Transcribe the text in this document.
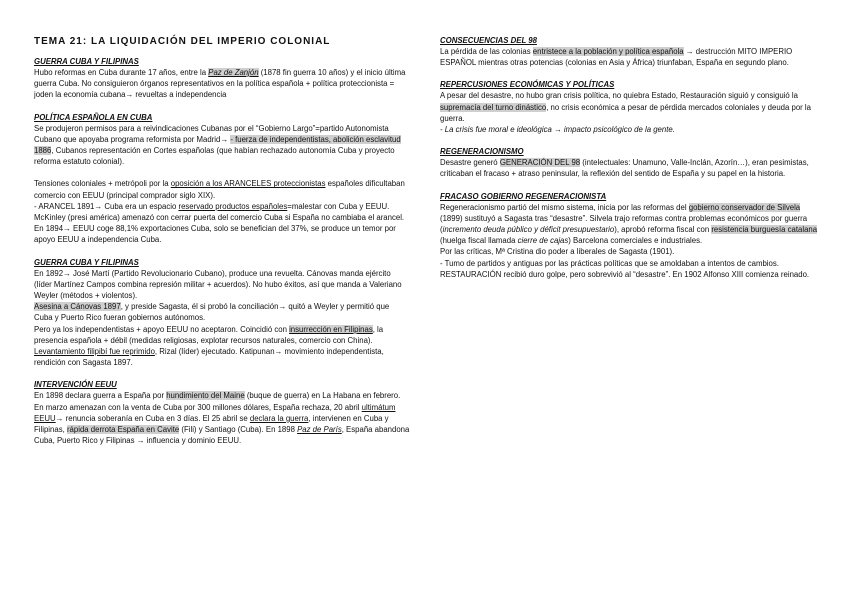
TEMA 21: LA LIQUIDACIÓN DEL IMPERIO COLONIAL
GUERRA CUBA Y FILIPINAS

Hubo reformas en Cuba durante 17 años, entre la Paz de Zanjón (1878 fin guerra 10 años) y el inicio última guerra Cuba. No consiguieron órganos representativos en la política española + política proteccionista = joden la economía cubana→ revueltas a independencia

POLÍTICA ESPAÑOLA EN CUBA

Se produjeron permisos para a reivindicaciones Cubanas por el “Gobierno Largo”=partido Autonomista Cubano que apoyaba programa reformista por Madrid→ - fuerza de independentistas, abolición esclavitud 1886, Cubanos representación en Cortes españolas (que habían rechazado autonomía Cuba y proyecto reforma estatuto colonial).

Tensiones coloniales + metrópoli por la oposición a los ARANCELES proteccionistas españoles dificultaban comercio con EEUU (principal comprador siglo XIX).

- ARANCEL 1891→ Cuba era un espacio reservado productos españoles=malestar con Cuba y EEUU. McKinley (presi américa) amenazó con cerrar puerta del comercio Cuba si España no cambiaba el arancel. En 1894→ EEUU coge 88,1% exportaciones Cuba, solo se benefician del 37%, se produce un temor por apoyo EEUU a independencia Cuba.

GUERRA CUBA Y FILIPINAS

En 1892→ José Martí (Partido Revolucionario Cubano), produce una revuelta. Cánovas manda ejército (líder Martínez Campos combina represión militar + acuerdos). No hubo éxitos, así que manda a Valeriano Weyler (métodos + violentos).

Asesina a Cánovas 1897, y preside Sagasta, él si probó la conciliación→ quitó a Weyler y permitió que Cuba y Puerto Rico fueran gobiernos autónomos.

Pero ya los independentistas + apoyo EEUU no aceptaron. Coincidió con insurrección en Filipinas, la presencia española + débil (medidas religiosas, explotar recursos naturales, comercio con China). Levantamiento filipibí fue reprimido, Rizal (líder) ejecutado. Katipunan→ movimiento independentista, rendición con Sagasta 1897.

INTERVENCIÓN EEUU

En 1898 declara guerra a España por hundimiento del Maine (buque de guerra) en La Habana en febrero. En marzo amenazan con la venta de Cuba por 300 millones dólares, España rechaza, 20 abril ultimátum EEUU→ renuncia soberanía en Cuba en 3 días. El 25 abril se declara la guerra, intervienen en Cuba y Filipinas, rápida derrota España en Cavite (Fili) y Santiago (Cuba). En 1898 Paz de París, España abandona Cuba, Puerto Rico y Filipinas → influencia y dominio EEUU.

CONSECUENCIAS DEL 98

La pérdida de las colonias entristece a la población y política española → destrucción MITO IMPERIO ESPAÑOL mientras otras potencias (colonias en Asia y África) triunfaban, España en segundo plano.

REPERCUSIONES ECONÓMICAS Y POLÍTICAS

A pesar del desastre, no hubo gran crisis política, no quiebra Estado, Restauración siguió y consiguió la supremacía del turno dinástico, no crisis económica a pesar de pérdida mercados coloniales y deuda por la guerra.

- La crisis fue moral e ideológica → impacto psicológico de la gente.

REGENERACIONISMO

Desastre generó GENERACIÓN DEL 98 (intelectuales: Unamuno, Valle-Inclán, Azorín…), eran pesimistas, criticaban el fracaso + atraso peninsular, la reflexión del sentido de España y su papel en la historia.

FRACASO GOBIERNO REGENERACIONISTA

Regeneracionismo partió del mismo sistema, inicia por las reformas del gobierno conservador de Silvela (1899) sustituyó a Sagasta tras “desastre”. Silvela trajo reformas contra problemas económicos por guerra (incremento deuda público y déficit presupuestario), aprobó reforma fiscal con resistencia burguesía catalana (huelga fiscal llamada cierre de cajas) Barcelona comerciales e industriales.

Por las críticas, Mª Cristina dio poder a liberales de Sagasta (1901).

- Tumo de partidos y antiguas por las prácticas políticas que se amoldaban a intentos de cambios.

RESTAURACIÓN recibió duro golpe, pero sobrevivió al “desastre”. En 1902 Alfonso XIII comienza reinado.
